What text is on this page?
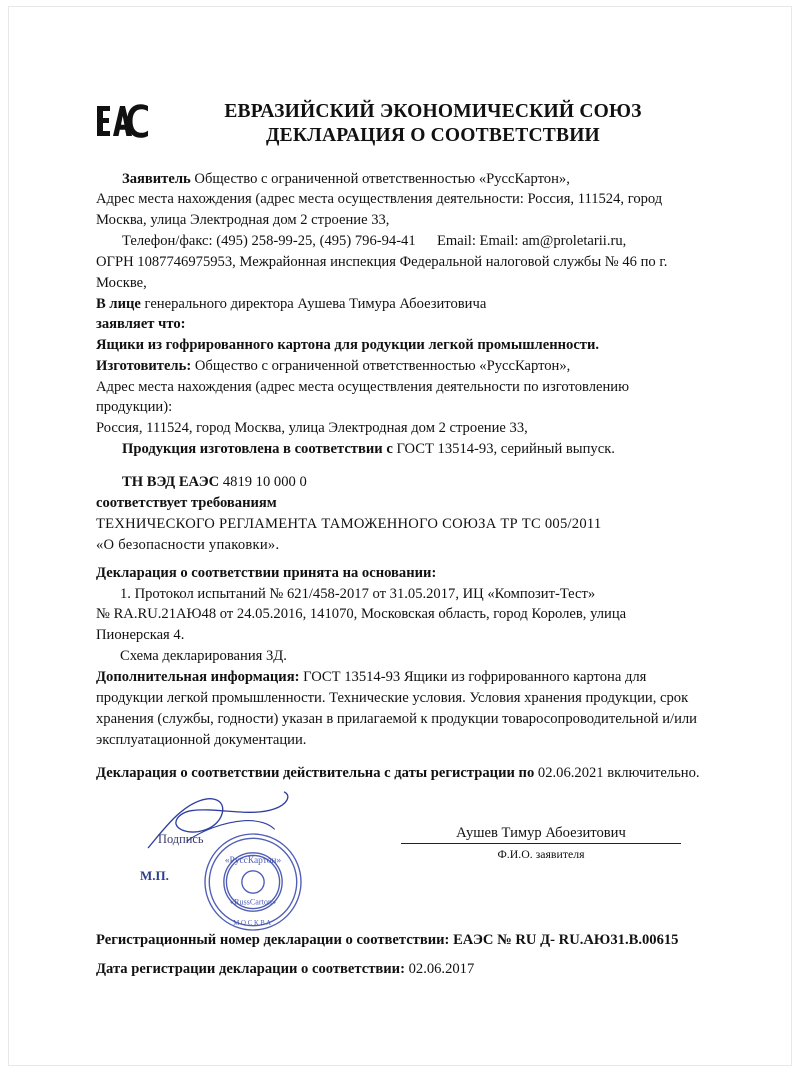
ЕВРАЗИЙСКИЙ ЭКОНОМИЧЕСКИЙ СОЮЗ
ДЕКЛАРАЦИЯ О СООТВЕТСТВИИ
Заявитель Общество с ограниченной ответственностью «РуссКартон»,
Адрес места нахождения (адрес места осуществления деятельности: Россия, 111524, город
Москва, улица Электродная дом 2 строение 33,
Телефон/факс: (495) 258-99-25, (495) 796-94-41 Email: Email: am@proletarii.ru,
ОГРН 1087746975953, Межрайонная инспекция Федеральной налоговой службы № 46 по г.
Москве,
В лице генерального директора Аушева Тимура Абоезитовича
заявляет что:
Ящики из гофрированного картона для родукции легкой промышленности.
Изготовитель: Общество с ограниченной ответственностью «РуссКартон»,
Адрес места нахождения (адрес места осуществления деятельности по изготовлению продукции):
Россия, 111524, город Москва, улица Электродная дом 2 строение 33,
Продукция изготовлена в соответствии с ГОСТ 13514-93, серийный выпуск.
ТН ВЭД ЕАЭС 4819 10 000 0
соответствует требованиям
ТЕХНИЧЕСКОГО РЕГЛАМЕНТА ТАМОЖЕННОГО СОЮЗА ТР ТС 005/2011
«О безопасности упаковки».
Декларация о соответствии принята на основании:
1. Протокол испытаний № 621/458-2017 от 31.05.2017, ИЦ «Композит-Тест»
№ RA.RU.21АЮ48 от 24.05.2016, 141070, Московская область, город Королев, улица
Пионерская 4.
Схема декларирования 3Д.
Дополнительная информация: ГОСТ 13514-93 Ящики из гофрированного картона для
продукции легкой промышленности. Технические условия. Условия хранения продукции, срок
хранения (службы, годности) указан в прилагаемой к продукции товаросопроводительной и/или
эксплуатационной документации.
Декларация о соответствии действительна с даты регистрации по 02.06.2021 включительно.
Подпись
М.П.
«РуссКартон»
«RussCarton»
МОСКВА
Аушев Тимур Абоезитович
Ф.И.О. заявителя
Регистрационный номер декларации о соответствии: ЕАЭС № RU Д- RU.АЮ31.В.00615
Дата регистрации декларации о соответствии: 02.06.2017
